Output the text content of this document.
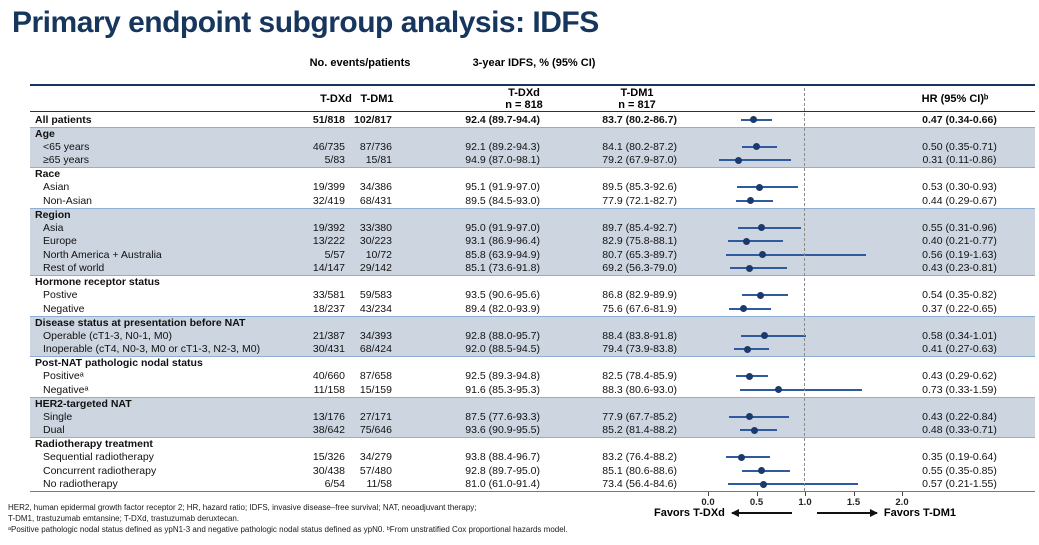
Primary endpoint subgroup analysis: IDFS
No. events/patients	3-year IDFS, % (95% CI)
T-DXd T-DM1	T-DXd
n = 818
T-DM1
n = 817	HR (95% CI)ᵇ
All patients	51/818 102/817	92.4 (89.7-94.4)	83.7 (80.2-86.7)	0.47 (0.34-0.66)
Age
<65 years	46/735	87/736	92.1 (89.2-94.3)	84.1 (80.2-87.2)	0.50 (0.35-0.71)
≥65 years	5/83	15/81	94.9 (87.0-98.1)	79.2 (67.9-87.0)	0.31 (0.11-0.86)
Race
Asian	19/399	34/386	95.1 (91.9-97.0)	89.5 (85.3-92.6)	0.53 (0.30-0.93)
Non-Asian	32/419	68/431	89.5 (84.5-93.0)	77.9 (72.1-82.7)	0.44 (0.29-0.67)
Region
Asia	19/392	33/380	95.0 (91.9-97.0)	89.7 (85.4-92.7)	0.55 (0.31-0.96)
Europe	13/222	30/223	93.1 (86.9-96.4)	82.9 (75.8-88.1)	0.40 (0.21-0.77)
North America + Australia	5/57	10/72	85.8 (63.9-94.9)	80.7 (65.3-89.7)	0.56 (0.19-1.63)
Rest of world	14/147	29/142	85.1 (73.6-91.8)	69.2 (56.3-79.0)	0.43 (0.23-0.81)
Hormone receptor status
Postive	33/581	59/583	93.5 (90.6-95.6)	86.8 (82.9-89.9)	0.54 (0.35-0.82)
Negative	18/237	43/234	89.4 (82.0-93.9)	75.6 (67.6-81.9)	0.37 (0.22-0.65)
Disease status at presentation before NAT
Operable (cT1-3, N0-1, M0)	21/387	34/393	92.8 (88.0-95.7)	88.4 (83.8-91.8)	0.58 (0.34-1.01)
Inoperable (cT4, N0-3, M0 or cT1-3, N2-3, M0)	30/431	68/424	92.0 (88.5-94.5)	79.4 (73.9-83.8)	0.41 (0.27-0.63)
Post-NAT pathologic nodal status
Positiveᵃ	40/660	87/658	92.5 (89.3-94.8)	82.5 (78.4-85.9)	0.43 (0.29-0.62)
Negativeᵃ	11/158	15/159	91.6 (85.3-95.3)	88.3 (80.6-93.0)	0.73 (0.33-1.59)
HER2-targeted NAT
Single	13/176	27/171	87.5 (77.6-93.3)	77.9 (67.7-85.2)	0.43 (0.22-0.84)
Dual	38/642	75/646	93.6 (90.9-95.5)	85.2 (81.4-88.2)	0.48 (0.33-0.71)
Radiotherapy treatment
Sequential radiotherapy	15/326	34/279	93.8 (88.4-96.7)	83.2 (76.4-88.2)	0.35 (0.19-0.64)
Concurrent radiotherapy	30/438	57/480	92.8 (89.7-95.0)	85.1 (80.6-88.6)	0.55 (0.35-0.85)
No radiotherapy	6/54	11/58	81.0 (61.0-91.4)	73.4 (56.4-84.6)	0.57 (0.21-1.55)
0.0	0.5	1.0	1.5	2.0
Favors T-DXd	Favors T-DM1
HER2, human epidermal growth factor receptor 2; HR, hazard ratio; IDFS, invasive disease–free survival; NAT, neoadjuvant therapy;
T-DM1, trastuzumab emtansine; T-DXd, trastuzumab deruxtecan.
ᵃPositive pathologic nodal status defined as ypN1-3 and negative pathologic nodal status defined as ypN0. ᵇFrom unstratified Cox proportional hazards model.
